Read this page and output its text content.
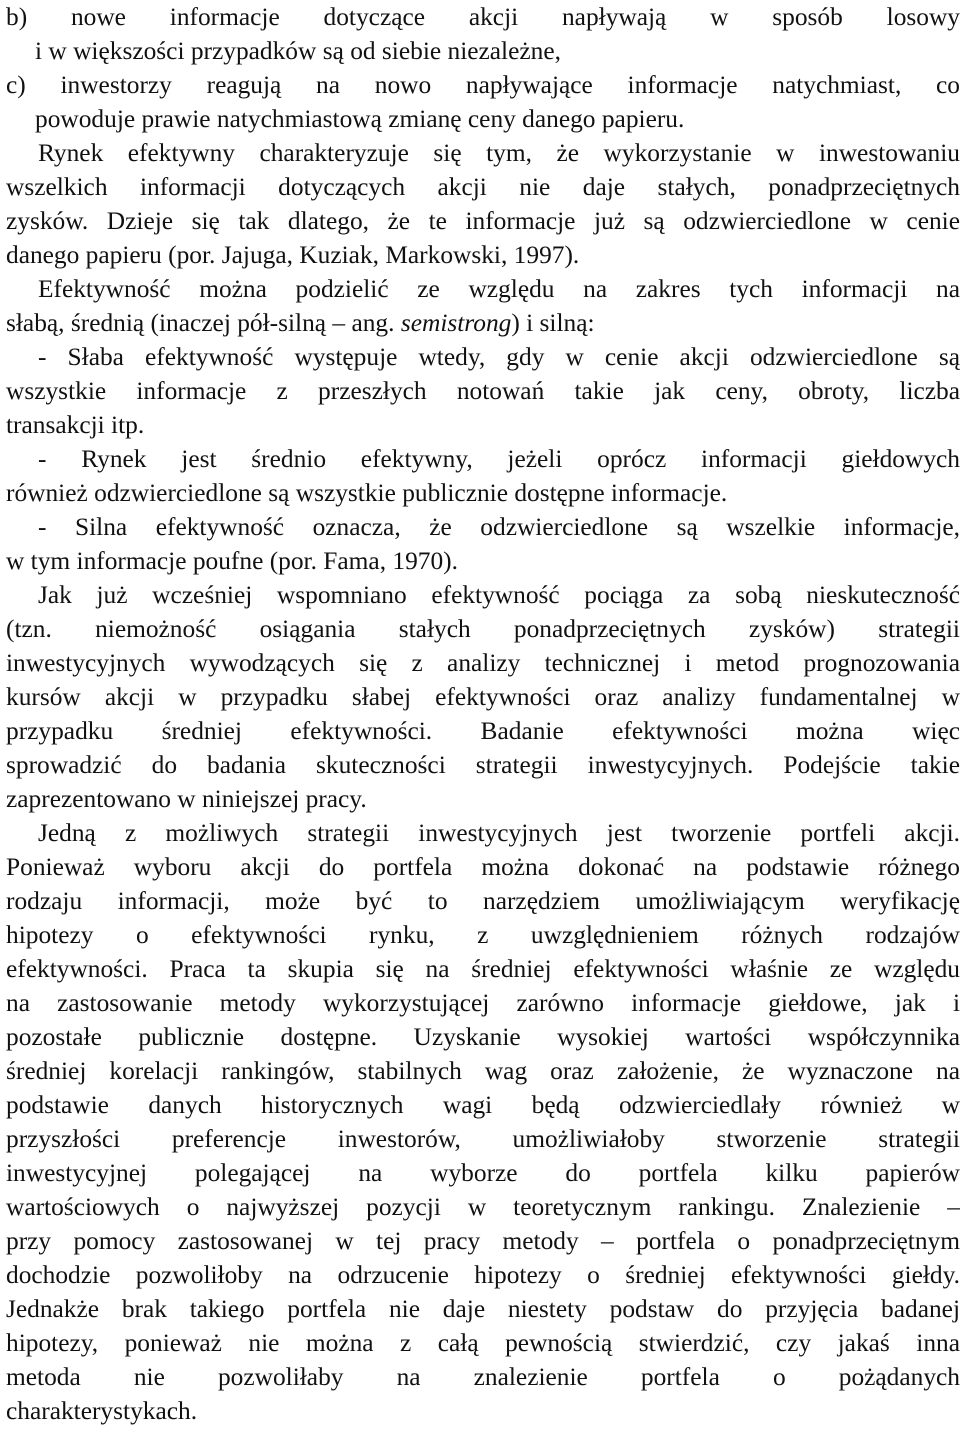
b) nowe informacje dotyczące akcji napływają w sposób losowy
i w większości przypadków są od siebie niezależne,
c) inwestorzy reagują na nowo napływające informacje natychmiast, co
powoduje prawie natychmiastową zmianę ceny danego papieru.
Rynek efektywny charakteryzuje się tym, że wykorzystanie w inwestowaniu
wszelkich informacji dotyczących akcji nie daje stałych, ponadprzeciętnych
zysków. Dzieje się tak dlatego, że te informacje już są odzwierciedlone w cenie
danego papieru (por. Jajuga, Kuziak, Markowski, 1997).
Efektywność można podzielić ze względu na zakres tych informacji na
słabą, średnią (inaczej pół-silną – ang. semistrong) i silną:
- Słaba efektywność występuje wtedy, gdy w cenie akcji odzwierciedlone są
wszystkie informacje z przeszłych notowań takie jak ceny, obroty, liczba
transakcji itp.
- Rynek jest średnio efektywny, jeżeli oprócz informacji giełdowych
również odzwierciedlone są wszystkie publicznie dostępne informacje.
- Silna efektywność oznacza, że odzwierciedlone są wszelkie informacje,
w tym informacje poufne (por. Fama, 1970).
Jak już wcześniej wspomniano efektywność pociąga za sobą nieskuteczność
(tzn. niemożność osiągania stałych ponadprzeciętnych zysków) strategii
inwestycyjnych wywodzących się z analizy technicznej i metod prognozowania
kursów akcji w przypadku słabej efektywności oraz analizy fundamentalnej w
przypadku średniej efektywności. Badanie efektywności można więc
sprowadzić do badania skuteczności strategii inwestycyjnych. Podejście takie
zaprezentowano w niniejszej pracy.
Jedną z możliwych strategii inwestycyjnych jest tworzenie portfeli akcji.
Ponieważ wyboru akcji do portfela można dokonać na podstawie różnego
rodzaju informacji, może być to narzędziem umożliwiającym weryfikację
hipotezy o efektywności rynku, z uwzględnieniem różnych rodzajów
efektywności. Praca ta skupia się na średniej efektywności właśnie ze względu
na zastosowanie metody wykorzystującej zarówno informacje giełdowe, jak i
pozostałe publicznie dostępne. Uzyskanie wysokiej wartości współczynnika
średniej korelacji rankingów, stabilnych wag oraz założenie, że wyznaczone na
podstawie danych historycznych wagi będą odzwierciedlały również w
przyszłości preferencje inwestorów, umożliwiałoby stworzenie strategii
inwestycyjnej polegającej na wyborze do portfela kilku papierów
wartościowych o najwyższej pozycji w teoretycznym rankingu. Znalezienie –
przy pomocy zastosowanej w tej pracy metody – portfela o ponadprzeciętnym
dochodzie pozwoliłoby na odrzucenie hipotezy o średniej efektywności giełdy.
Jednakże brak takiego portfela nie daje niestety podstaw do przyjęcia badanej
hipotezy, ponieważ nie można z całą pewnością stwierdzić, czy jakaś inna
metoda nie pozwoliłaby na znalezienie portfela o pożądanych
charakterystykach.
